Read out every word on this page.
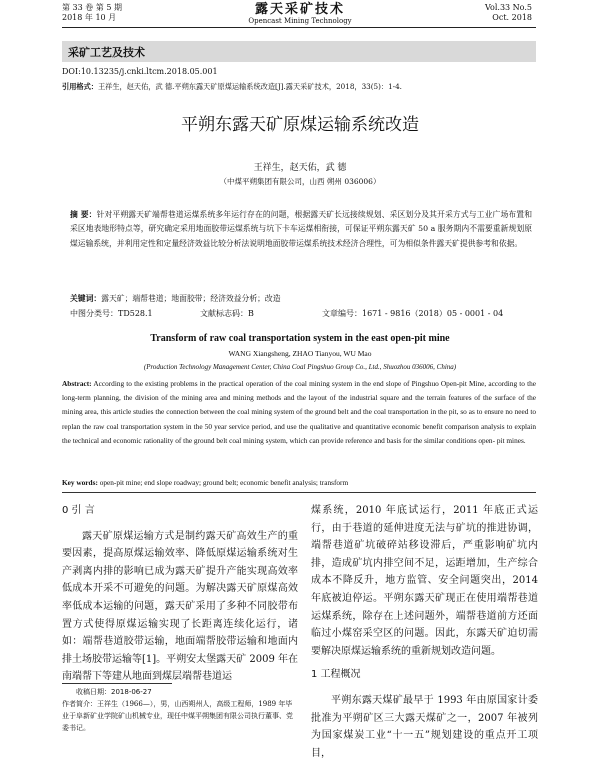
第 33 卷 第 5 期
2018 年 10 月
露天采矿技术
Opencast Mining Technology
Vol.33 No.5
Oct. 2018
采矿工艺及技术
DOI:10.13235/j.cnki.ltcm.2018.05.001
引用格式：王祥生，赵天佑，武 德.平朔东露天矿原煤运输系统改造[J].露天采矿技术，2018，33(5)：1-4.
平朔东露天矿原煤运输系统改造
王祥生，赵天佑，武 德
（中煤平朔集团有限公司，山西 朔州 036006）
摘 要：针对平朔露天矿端帮巷道运煤系统多年运行存在的问题，根据露天矿长远接续规划、采区划分及其开采方式与工业广场布置和采区地表地形特点等，研究确定采用地面胶带运煤系统与坑下卡车运煤相衔接，可保证平朔东露天矿 50 a 服务期内不需要重新规划原煤运输系统，并利用定性和定量经济效益比较分析法说明地面胶带运煤系统技术经济合理性，可为相似条件露天矿提供参考和依据。
关键词：露天矿；端帮巷道；地面胶带；经济效益分析；改造
中图分类号：TD528.1	文献标志码：B	文章编号：1671 - 9816（2018）05 - 0001 - 04
Transform of raw coal transportation system in the east open-pit mine
WANG Xiangsheng, ZHAO Tianyou, WU Mao
(Production Technology Management Center, China Coal Pingshuo Group Co., Ltd., Shuozhou 036006, China)
Abstract: According to the existing problems in the practical operation of the coal mining system in the end slope of Pingshuo Open-pit Mine, according to the long-term planning, the division of the mining area and mining methods and the layout of the industrial square and the terrain features of the surface of the mining area, this article studies the connection between the coal mining system of the ground belt and the coal transportation in the pit, so as to ensure no need to replan the raw coal transportation system in the 50 year service period, and use the qualitative and quantitative economic benefit comparison analysis to explain the technical and economic rationality of the ground belt coal mining system, which can provide reference and basis for the similar conditions open- pit mines.
Key words: open-pit mine; end slope roadway; ground belt; economic benefit analysis; transform
0 引 言
露天矿原煤运输方式是制约露天矿高效生产的重要因素，提高原煤运输效率、降低原煤运输系统对生产剥离内排的影响已成为露天矿提升产能实现高效率低成本开采不可避免的问题。为解决露天矿原煤高效率低成本运输的问题，露天矿采用了多种不同胶带布置方式使得原煤运输实现了长距离连续化运行，诸如：端帮巷道胶带运输，地面端帮胶带运输和地面内排土场胶带运输等[1]。平朔安太堡露天矿 2009 年在南端帮下等建从地面到煤层端帮巷道运
煤系统，2010 年底试运行，2011 年底正式运行，由于巷道的延伸进度无法与矿坑的推进协调，端帮巷道矿坑破碎站移设滞后，严重影响矿坑内排，造成矿坑内排空间不足，运距增加，生产综合成本不降反升，地方监管、安全问题突出，2014 年底被迫停运。平朔东露天矿现正在使用端帮巷道运煤系统，除存在上述问题外，端帮巷道前方还面临过小煤窑采空区的问题。因此，东露天矿迫切需要解决原煤运输系统的重新规划改造问题。
1 工程概况
平朔东露天煤矿最早于 1993 年由原国家计委批准为平朔矿区三大露天煤矿之一，2007 年被列为国家煤炭工业“十一五”规划建设的重点开工项目，
收稿日期：2018-06-27
作者简介：王祥生（1966—），男，山西朔州人，高级工程师，1989 年毕业于阜新矿业学院矿山机械专业，现任中煤平朔集团有限公司执行董事、党委书记。
